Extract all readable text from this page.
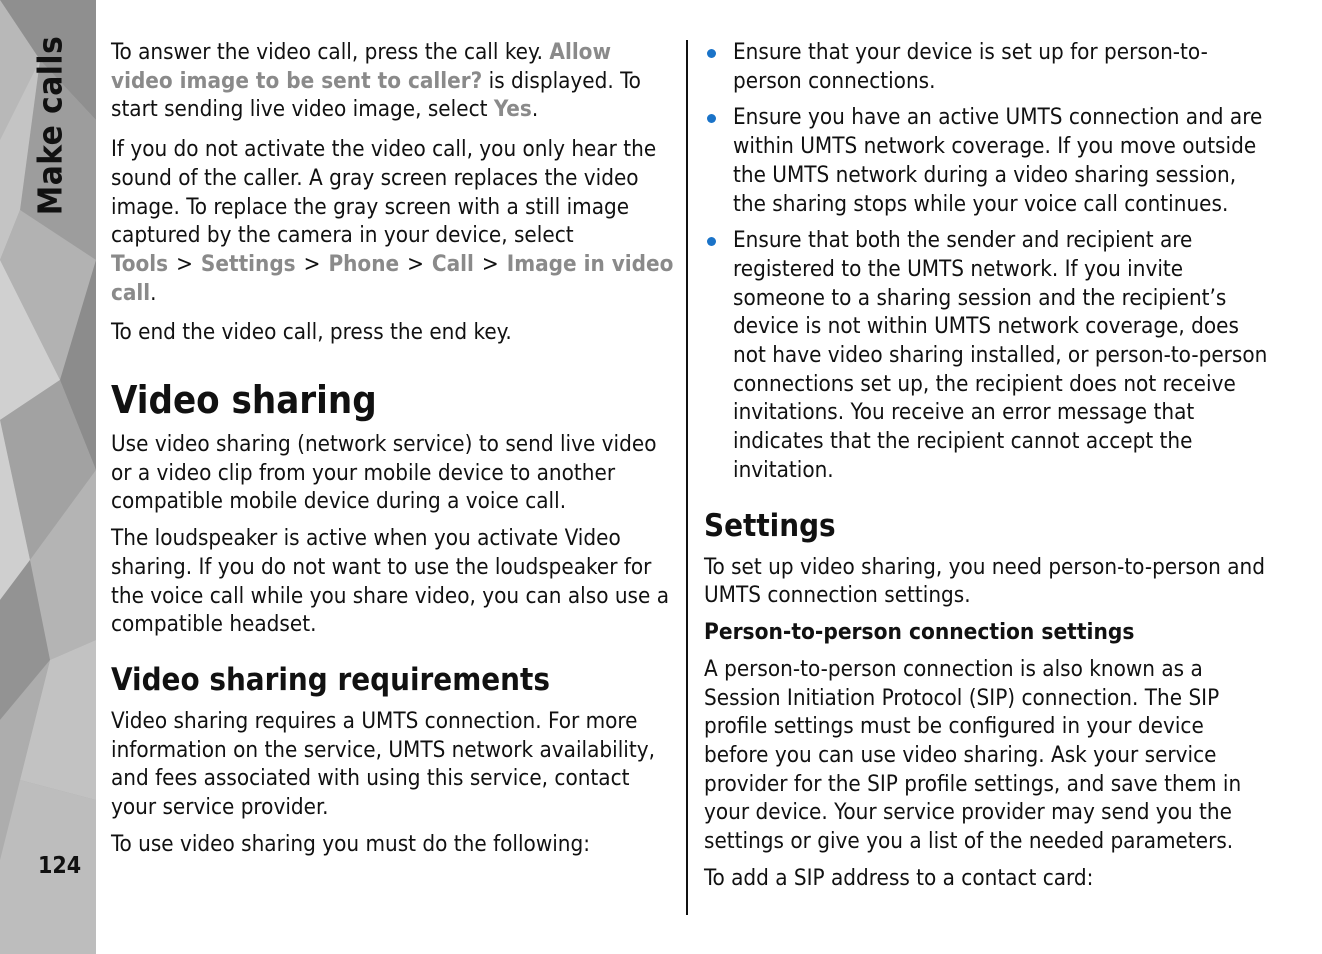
Make calls
124

To answer the video call, press the call key. Allow video image to be sent to caller? is displayed. To start sending live video image, select Yes.

If you do not activate the video call, you only hear the sound of the caller. A gray screen replaces the video image. To replace the gray screen with a still image captured by the camera in your device, select Tools > Settings > Phone > Call > Image in video call.

To end the video call, press the end key.

Video sharing

Use video sharing (network service) to send live video or a video clip from your mobile device to another compatible mobile device during a voice call.

The loudspeaker is active when you activate Video sharing. If you do not want to use the loudspeaker for the voice call while you share video, you can also use a compatible headset.

Video sharing requirements

Video sharing requires a UMTS connection. For more information on the service, UMTS network availability, and fees associated with using this service, contact your service provider.

To use video sharing you must do the following:

Ensure that your device is set up for person-to-person connections.
Ensure you have an active UMTS connection and are within UMTS network coverage. If you move outside the UMTS network during a video sharing session, the sharing stops while your voice call continues.
Ensure that both the sender and recipient are registered to the UMTS network. If you invite someone to a sharing session and the recipient’s device is not within UMTS network coverage, does not have video sharing installed, or person-to-person connections set up, the recipient does not receive invitations. You receive an error message that indicates that the recipient cannot accept the invitation.
Settings

To set up video sharing, you need person-to-person and UMTS connection settings.

Person-to-person connection settings

A person-to-person connection is also known as a Session Initiation Protocol (SIP) connection. The SIP profile settings must be configured in your device before you can use video sharing. Ask your service provider for the SIP profile settings, and save them in your device. Your service provider may send you the settings or give you a list of the needed parameters.

To add a SIP address to a contact card:
